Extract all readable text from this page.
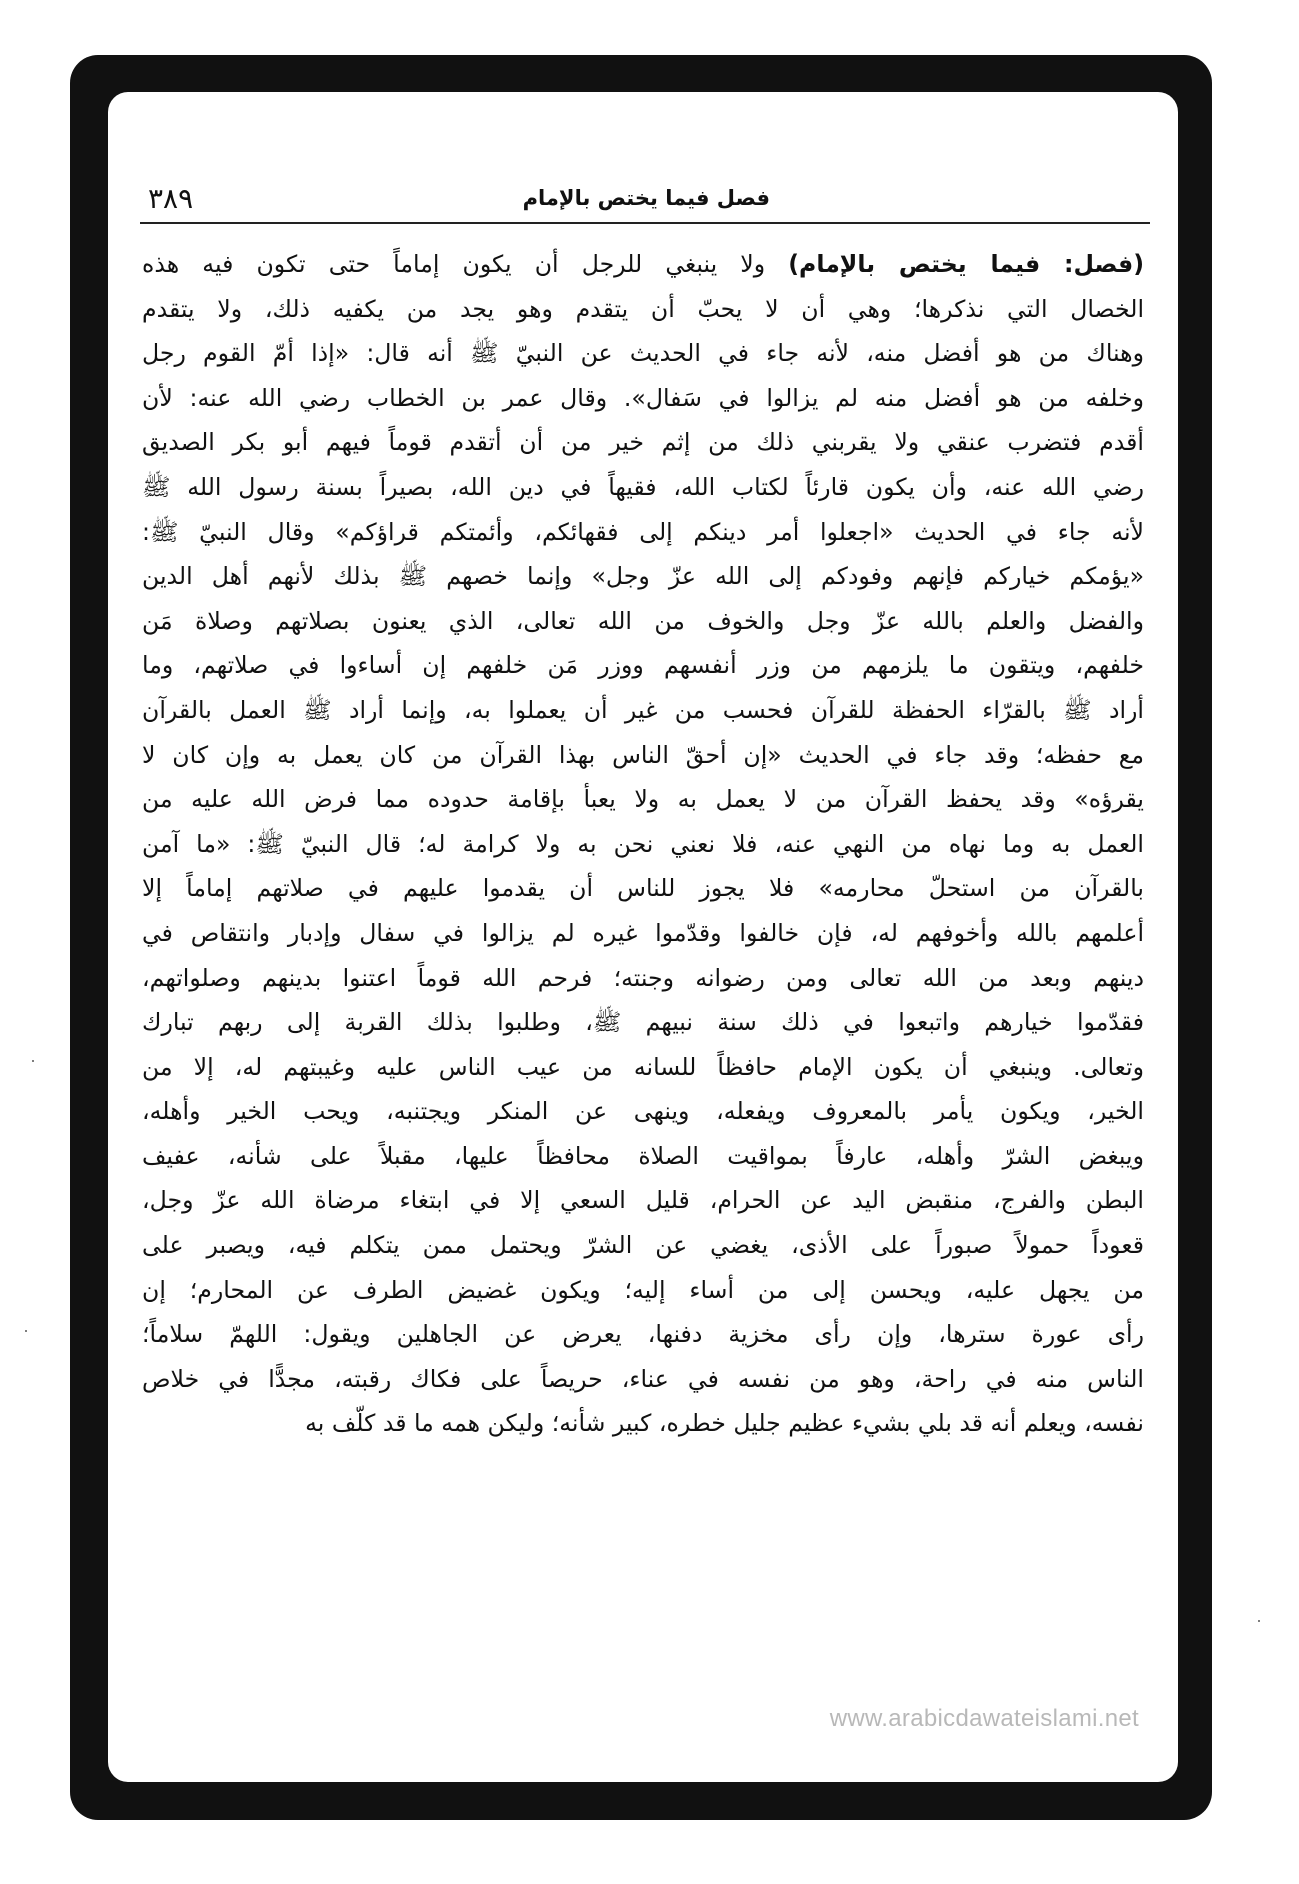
فصل فيما يختص بالإمام
٣٨٩
(فصل: فيما يختص بالإمام) ولا ينبغي للرجل أن يكون إماماً حتى تكون فيه هذه
الخصال التي نذكرها؛ وهي أن لا يحبّ أن يتقدم وهو يجد من يكفيه ذلك، ولا يتقدم
وهناك من هو أفضل منه، لأنه جاء في الحديث عن النبيّ ﷺ أنه قال: «إذا أمّ القوم رجل
وخلفه من هو أفضل منه لم يزالوا في سَفال». وقال عمر بن الخطاب رضي الله عنه: لأن
أقدم فتضرب عنقي ولا يقربني ذلك من إثم خير من أن أتقدم قوماً فيهم أبو بكر الصديق
رضي الله عنه، وأن يكون قارئاً لكتاب الله، فقيهاً في دين الله، بصيراً بسنة رسول الله ﷺ
لأنه جاء في الحديث «اجعلوا أمر دينكم إلى فقهائكم، وأئمتكم قراؤكم» وقال النبيّ ﷺ:
«يؤمكم خياركم فإنهم وفودكم إلى الله عزّ وجل» وإنما خصهم ﷺ بذلك لأنهم أهل الدين
والفضل والعلم بالله عزّ وجل والخوف من الله تعالى، الذي يعنون بصلاتهم وصلاة مَن
خلفهم، ويتقون ما يلزمهم من وزر أنفسهم ووزر مَن خلفهم إن أساءوا في صلاتهم، وما
أراد ﷺ بالقرّاء الحفظة للقرآن فحسب من غير أن يعملوا به، وإنما أراد ﷺ العمل بالقرآن
مع حفظه؛ وقد جاء في الحديث «إن أحقّ الناس بهذا القرآن من كان يعمل به وإن كان لا
يقرؤه» وقد يحفظ القرآن من لا يعمل به ولا يعبأ بإقامة حدوده مما فرض الله عليه من
العمل به وما نهاه من النهي عنه، فلا نعني نحن به ولا كرامة له؛ قال النبيّ ﷺ: «ما آمن
بالقرآن من استحلّ محارمه» فلا يجوز للناس أن يقدموا عليهم في صلاتهم إماماً إلا
أعلمهم بالله وأخوفهم له، فإن خالفوا وقدّموا غيره لم يزالوا في سفال وإدبار وانتقاص في
دينهم وبعد من الله تعالى ومن رضوانه وجنته؛ فرحم الله قوماً اعتنوا بدينهم وصلواتهم،
فقدّموا خيارهم واتبعوا في ذلك سنة نبيهم ﷺ، وطلبوا بذلك القربة إلى ربهم تبارك
وتعالى. وينبغي أن يكون الإمام حافظاً للسانه من عيب الناس عليه وغيبتهم له، إلا من
الخير، ويكون يأمر بالمعروف ويفعله، وينهى عن المنكر ويجتنبه، ويحب الخير وأهله،
ويبغض الشرّ وأهله، عارفاً بمواقيت الصلاة محافظاً عليها، مقبلاً على شأنه، عفيف
البطن والفرج، منقبض اليد عن الحرام، قليل السعي إلا في ابتغاء مرضاة الله عزّ وجل،
قعوداً حمولاً صبوراً على الأذى، يغضي عن الشرّ ويحتمل ممن يتكلم فيه، ويصبر على
من يجهل عليه، ويحسن إلى من أساء إليه؛ ويكون غضيض الطرف عن المحارم؛ إن
رأى عورة سترها، وإن رأى مخزية دفنها، يعرض عن الجاهلين ويقول: اللهمّ سلاماً؛
الناس منه في راحة، وهو من نفسه في عناء، حريصاً على فكاك رقبته، مجدًّا في خلاص
نفسه، ويعلم أنه قد بلي بشيء عظيم جليل خطره، كبير شأنه؛ وليكن همه ما قد كلّف به
www.arabicdawateislami.net
